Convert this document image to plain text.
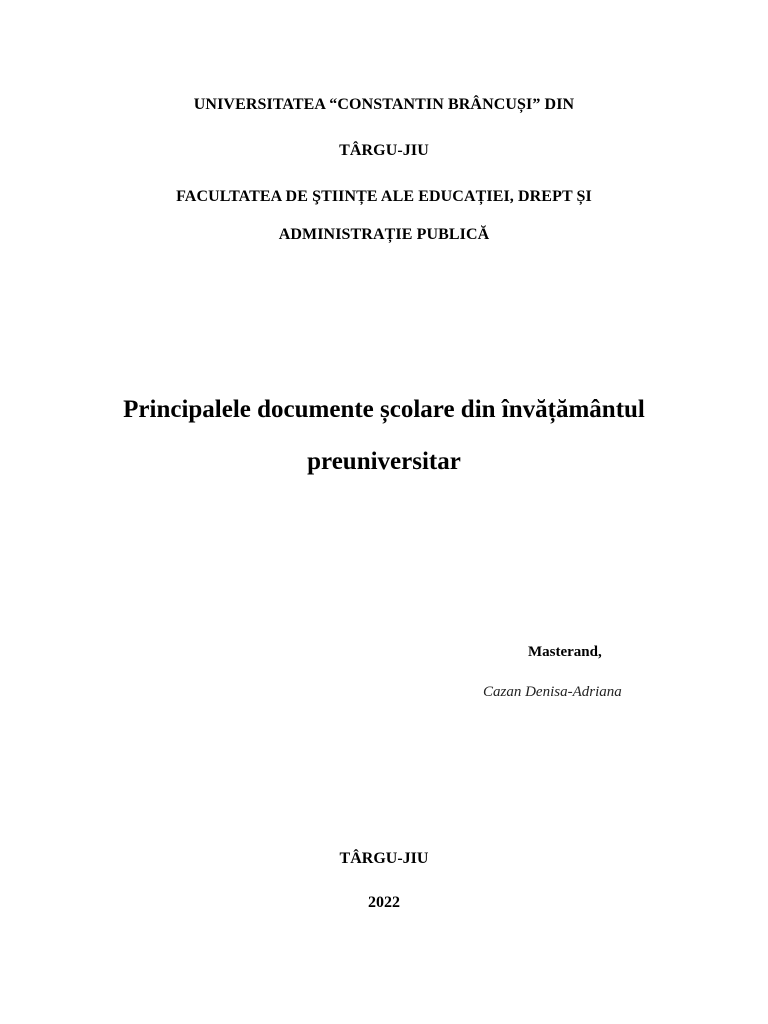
UNIVERSITATEA “CONSTANTIN BRÂNCUȘI” DIN
TÂRGU-JIU
FACULTATEA DE ŞTIINȚE ALE EDUCAȚIEI, DREPT ȘI
ADMINISTRAȚIE PUBLICĂ
Principalele documente școlare din învățământul
preuniversitar
Masterand,
Cazan Denisa-Adriana
TÂRGU-JIU
2022
